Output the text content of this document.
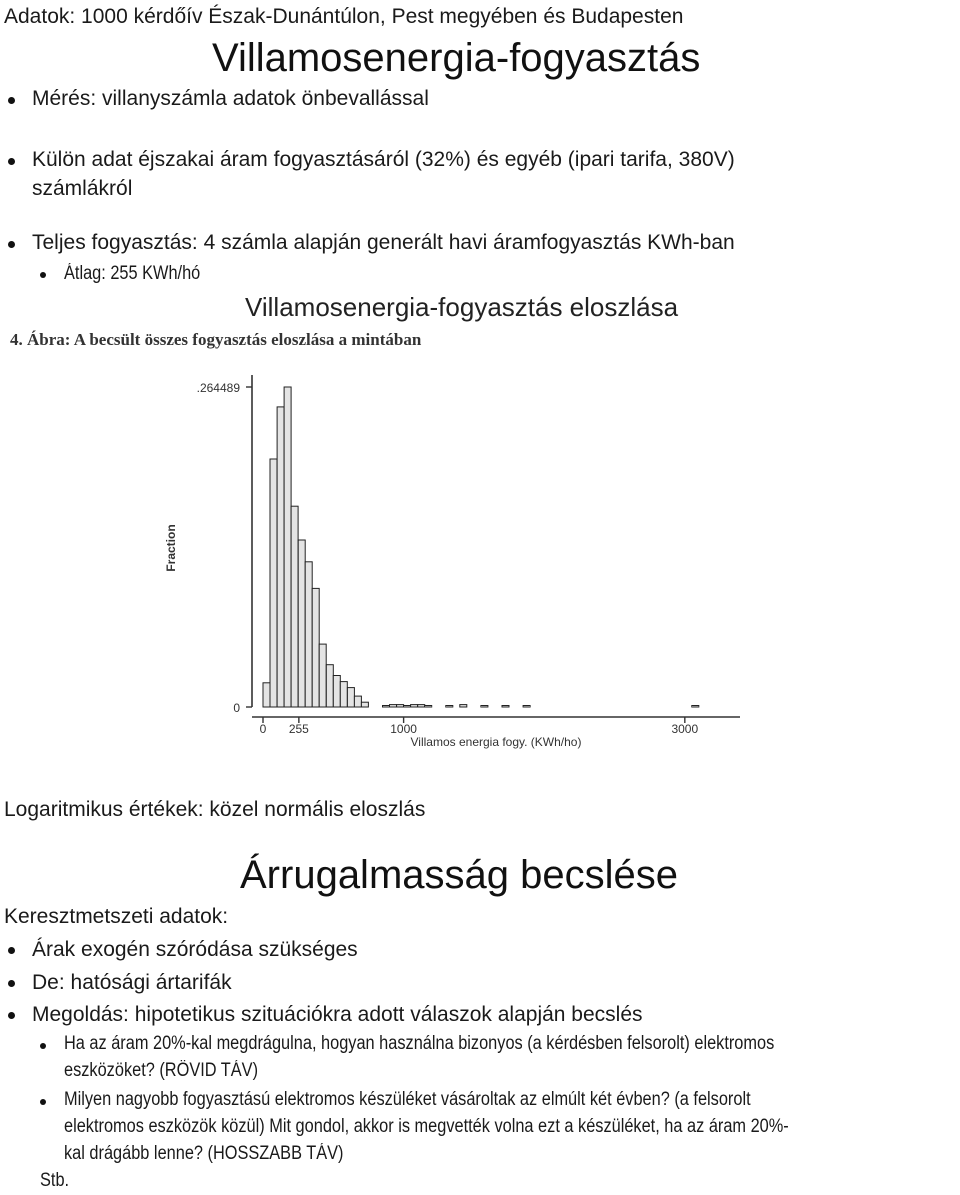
Adatok: 1000 kérdőív Észak-Dunántúlon, Pest megyében és Budapesten
Villamosenergia-fogyasztás
Mérés: villanyszámla adatok önbevallással
Külön adat éjszakai áram fogyasztásáról (32%) és egyéb (ipari tarifa, 380V)
számlákról
Teljes fogyasztás: 4 számla alapján generált havi áramfogyasztás KWh-ban
Átlag: 255 KWh/hó
Villamosenergia-fogyasztás eloszlása
4. Ábra: A becsült összes fogyasztás eloszlása a mintában
.264489
0
0 255	1000	3000
Villamos energia fogy. (KWh/ho)
Fraction
Logaritmikus értékek: közel normális eloszlás
Árrugalmasság becslése
Keresztmetszeti adatok:
Árak exogén szóródása szükséges
De: hatósági ártarifák
Megoldás: hipotetikus szituációkra adott válaszok alapján becslés
Ha az áram 20%-kal megdrágulna, hogyan használna bizonyos (a kérdésben felsorolt) elektromos
eszközöket? (RÖVID TÁV)
Milyen nagyobb fogyasztású elektromos készüléket vásároltak az elmúlt két évben? (a felsorolt
elektromos eszközök közül) Mit gondol, akkor is megvették volna ezt a készüléket, ha az áram 20%-
kal drágább lenne? (HOSSZABB TÁV)
Stb.
